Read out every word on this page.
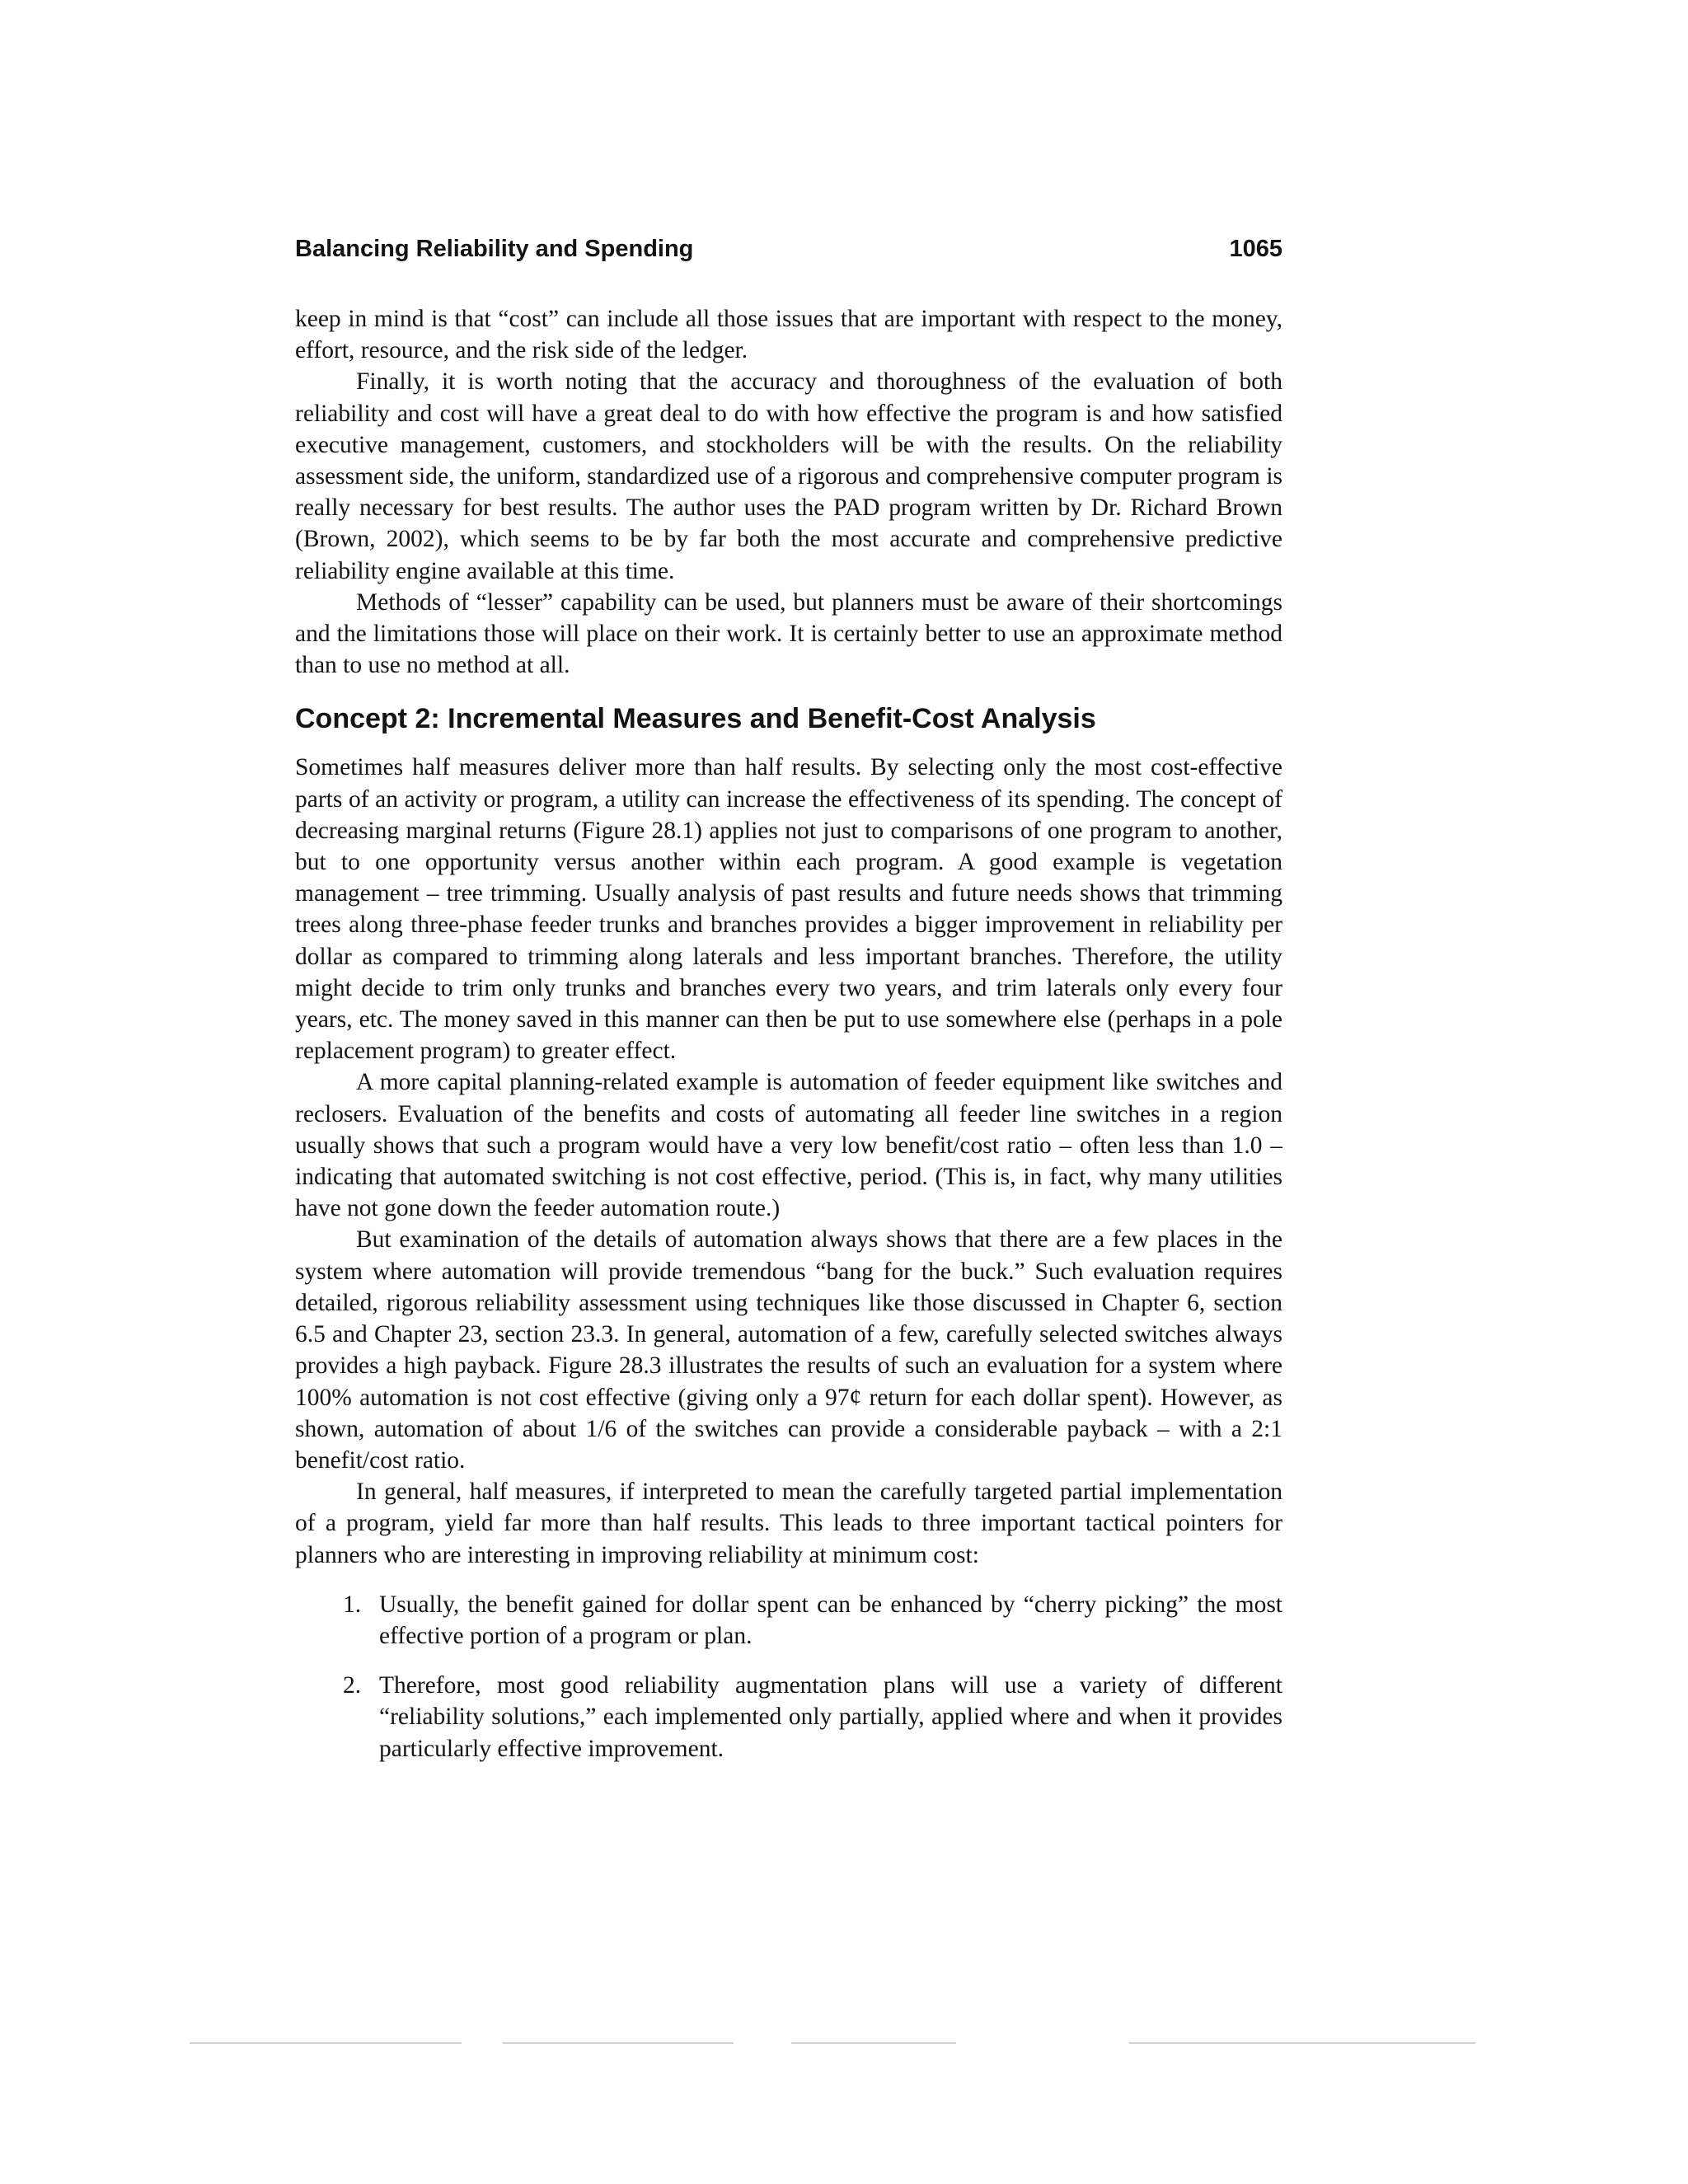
Balancing Reliability and Spending	1065

keep in mind is that “cost” can include all those issues that are important with respect to the money, effort, resource, and the risk side of the ledger.

Finally, it is worth noting that the accuracy and thoroughness of the evaluation of both reliability and cost will have a great deal to do with how effective the program is and how satisfied executive management, customers, and stockholders will be with the results. On the reliability assessment side, the uniform, standardized use of a rigorous and comprehensive computer program is really necessary for best results. The author uses the PAD program written by Dr. Richard Brown (Brown, 2002), which seems to be by far both the most accurate and comprehensive predictive reliability engine available at this time.

Methods of “lesser” capability can be used, but planners must be aware of their shortcomings and the limitations those will place on their work. It is certainly better to use an approximate method than to use no method at all.

Concept 2: Incremental Measures and Benefit-Cost Analysis

Sometimes half measures deliver more than half results. By selecting only the most cost-effective parts of an activity or program, a utility can increase the effectiveness of its spending. The concept of decreasing marginal returns (Figure 28.1) applies not just to comparisons of one program to another, but to one opportunity versus another within each program. A good example is vegetation management – tree trimming. Usually analysis of past results and future needs shows that trimming trees along three-phase feeder trunks and branches provides a bigger improvement in reliability per dollar as compared to trimming along laterals and less important branches. Therefore, the utility might decide to trim only trunks and branches every two years, and trim laterals only every four years, etc. The money saved in this manner can then be put to use somewhere else (perhaps in a pole replacement program) to greater effect.

A more capital planning-related example is automation of feeder equipment like switches and reclosers. Evaluation of the benefits and costs of automating all feeder line switches in a region usually shows that such a program would have a very low benefit/cost ratio – often less than 1.0 – indicating that automated switching is not cost effective, period. (This is, in fact, why many utilities have not gone down the feeder automation route.)

But examination of the details of automation always shows that there are a few places in the system where automation will provide tremendous “bang for the buck.” Such evaluation requires detailed, rigorous reliability assessment using techniques like those discussed in Chapter 6, section 6.5 and Chapter 23, section 23.3. In general, automation of a few, carefully selected switches always provides a high payback. Figure 28.3 illustrates the results of such an evaluation for a system where 100% automation is not cost effective (giving only a 97¢ return for each dollar spent). However, as shown, automation of about 1/6 of the switches can provide a considerable payback – with a 2:1 benefit/cost ratio.

In general, half measures, if interpreted to mean the carefully targeted partial implementation of a program, yield far more than half results. This leads to three important tactical pointers for planners who are interesting in improving reliability at minimum cost:

1. Usually, the benefit gained for dollar spent can be enhanced by “cherry picking” the most effective portion of a program or plan.
2. Therefore, most good reliability augmentation plans will use a variety of different “reliability solutions,” each implemented only partially, applied where and when it provides particularly effective improvement.
